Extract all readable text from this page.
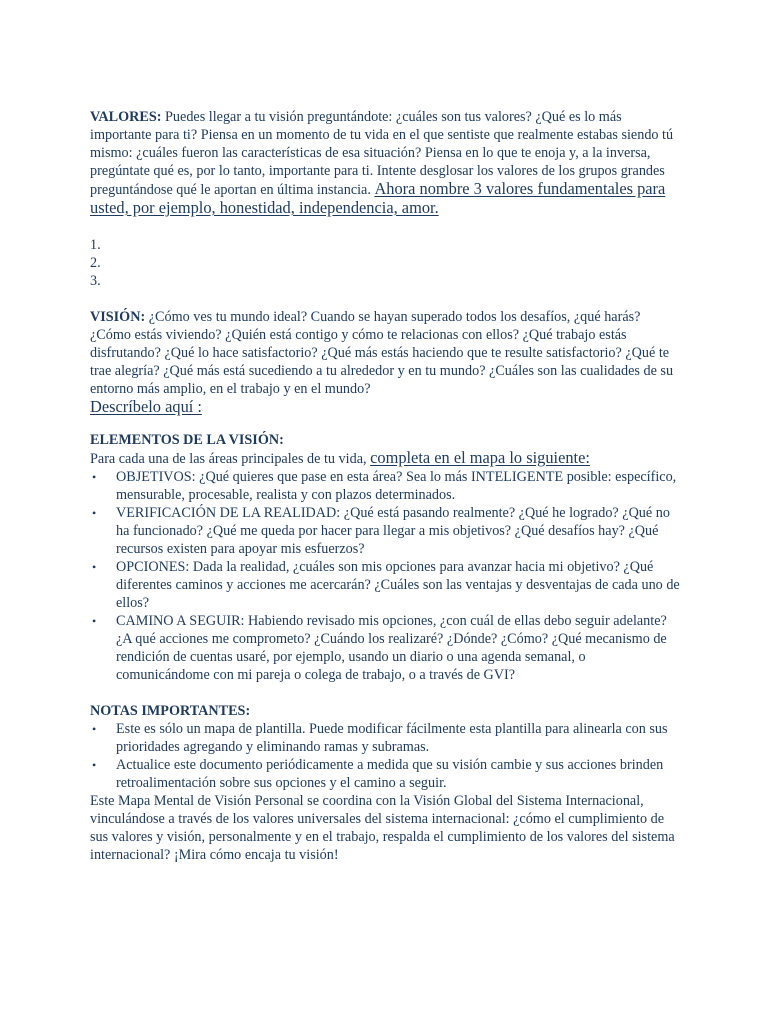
VALORES: Puedes llegar a tu visión preguntándote: ¿cuáles son tus valores? ¿Qué es lo más importante para ti? Piensa en un momento de tu vida en el que sentiste que realmente estabas siendo tú mismo: ¿cuáles fueron las características de esa situación? Piensa en lo que te enoja y, a la inversa, pregúntate qué es, por lo tanto, importante para ti. Intente desglosar los valores de los grupos grandes preguntándose qué le aportan en última instancia. Ahora nombre 3 valores fundamentales para usted, por ejemplo, honestidad, independencia, amor.

1.
2.
3.

VISIÓN: ¿Cómo ves tu mundo ideal? Cuando se hayan superado todos los desafíos, ¿qué harás? ¿Cómo estás viviendo? ¿Quién está contigo y cómo te relacionas con ellos? ¿Qué trabajo estás disfrutando? ¿Qué lo hace satisfactorio? ¿Qué más estás haciendo que te resulte satisfactorio? ¿Qué te trae alegría? ¿Qué más está sucediendo a tu alrededor y en tu mundo? ¿Cuáles son las cualidades de su entorno más amplio, en el trabajo y en el mundo?

Descríbelo aquí :

ELEMENTOS DE LA VISIÓN:

Para cada una de las áreas principales de tu vida, completa en el mapa lo siguiente:

• OBJETIVOS: ¿Qué quieres que pase en esta área? Sea lo más INTELIGENTE posible: específico, mensurable, procesable, realista y con plazos determinados.
• VERIFICACIÓN DE LA REALIDAD: ¿Qué está pasando realmente? ¿Qué he logrado? ¿Qué no ha funcionado? ¿Qué me queda por hacer para llegar a mis objetivos? ¿Qué desafíos hay? ¿Qué recursos existen para apoyar mis esfuerzos?
• OPCIONES: Dada la realidad, ¿cuáles son mis opciones para avanzar hacia mi objetivo? ¿Qué diferentes caminos y acciones me acercarán? ¿Cuáles son las ventajas y desventajas de cada uno de ellos?
• CAMINO A SEGUIR: Habiendo revisado mis opciones, ¿con cuál de ellas debo seguir adelante? ¿A qué acciones me comprometo? ¿Cuándo los realizaré? ¿Dónde? ¿Cómo? ¿Qué mecanismo de rendición de cuentas usaré, por ejemplo, usando un diario o una agenda semanal, o comunicándome con mi pareja o colega de trabajo, o a través de GVI?

NOTAS IMPORTANTES:

• Este es sólo un mapa de plantilla. Puede modificar fácilmente esta plantilla para alinearla con sus prioridades agregando y eliminando ramas y subramas.
• Actualice este documento periódicamente a medida que su visión cambie y sus acciones brinden retroalimentación sobre sus opciones y el camino a seguir.

Este Mapa Mental de Visión Personal se coordina con la Visión Global del Sistema Internacional, vinculándose a través de los valores universales del sistema internacional: ¿cómo el cumplimiento de sus valores y visión, personalmente y en el trabajo, respalda el cumplimiento de los valores del sistema internacional? ¡Mira cómo encaja tu visión!
